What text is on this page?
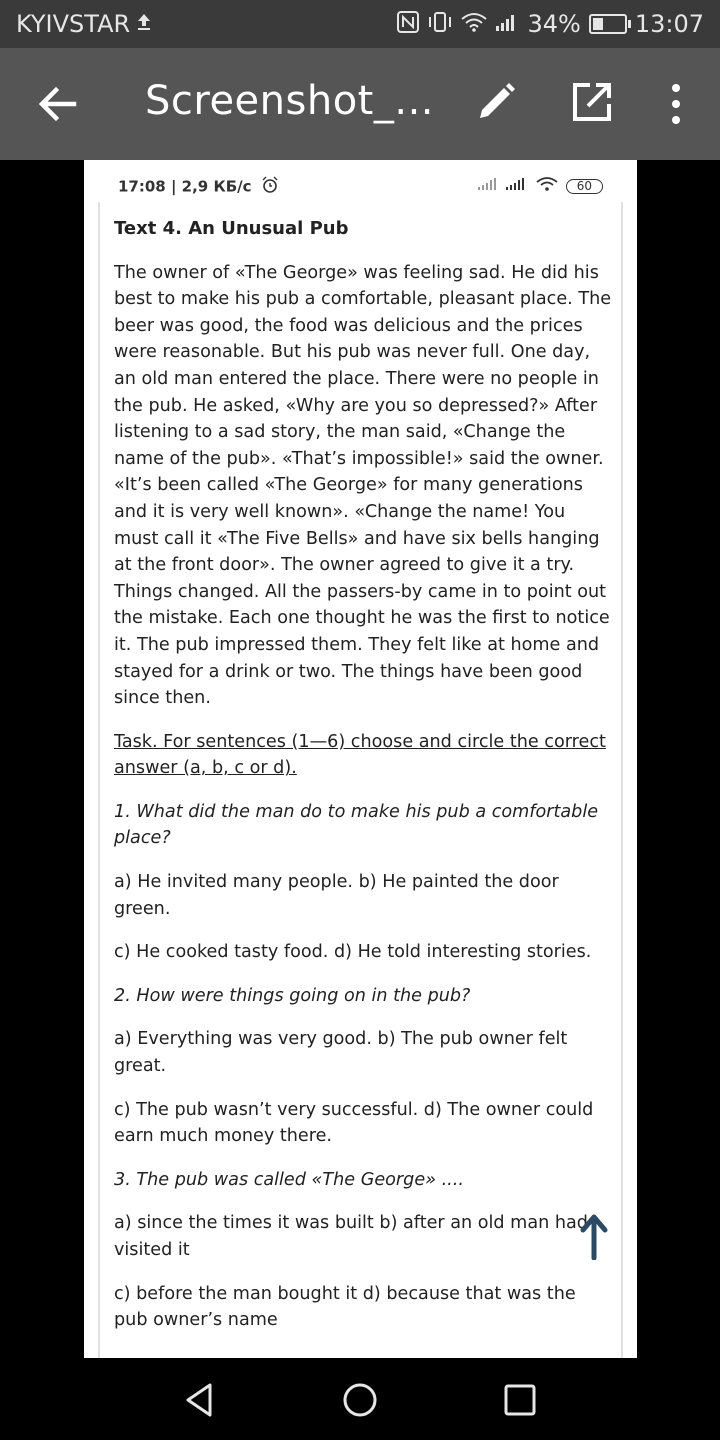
KYIVSTAR	34% 13:07
Screenshot_...
17:08 | 2,9 КБ/с	60
Text 4. An Unusual Pub

The owner of «The George» was feeling sad. He did his best to make his pub a comfortable, pleasant place. The beer was good, the food was delicious and the prices were reasonable. But his pub was never full. One day, an old man entered the place. There were no people in the pub. He asked, «Why are you so depressed?» After listening to a sad story, the man said, «Change the name of the pub». «That’s impossible!» said the owner. «It’s been called «The George» for many generations and it is very well known». «Change the name! You must call it «The Five Bells» and have six bells hanging at the front door». The owner agreed to give it a try. Things changed. All the passers-by came in to point out the mistake. Each one thought he was the first to notice it. The pub impressed them. They felt like at home and stayed for a drink or two. The things have been good since then.

Task. For sentences (1—6) choose and circle the correct answer (a, b, c or d).

1. What did the man do to make his pub a comfortable place?

a) He invited many people. b) He painted the door green.

c) He cooked tasty food. d) He told interesting stories.

2. How were things going on in the pub?

a) Everything was very good. b) The pub owner felt great.

c) The pub wasn’t very successful. d) The owner could earn much money there.

3. The pub was called «The George» ....

a) since the times it was built b) after an old man had visited it

c) before the man bought it d) because that was the pub owner’s name
